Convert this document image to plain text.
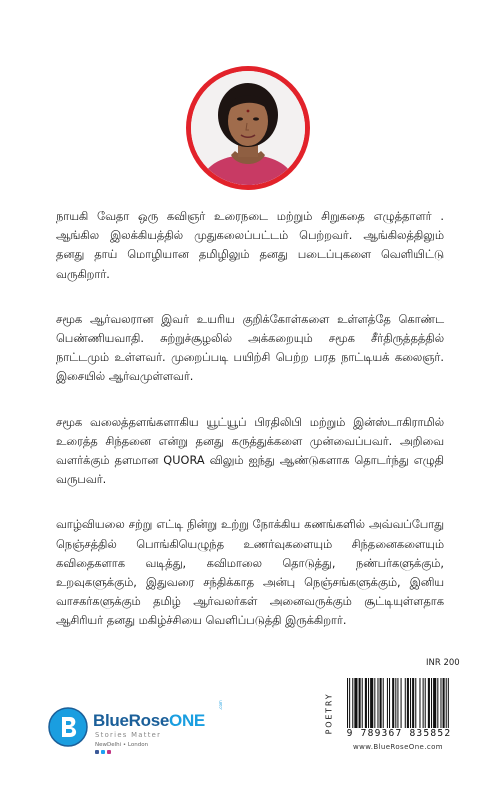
நாயகி வேதா ஒரு கவிஞர் உரைநடை மற்றும் சிறுகதை எழுத்தாளர் . ஆங்கில இலக்கியத்தில் முதுகலைப்பட்டம் பெற்றவர். ஆங்கிலத்திலும் தனது தாய் மொழியான தமிழிலும் தனது படைப்புகளை வெளியிட்டு வருகிறார்.

சமூக ஆர்வலரான இவர் உயரிய குறிக்கோள்களை உள்ளத்தே கொண்ட பெண்ணியவாதி. சுற்றுச்சூழலில் அக்கறையும் சமூக சீர்திருத்தத்தில் நாட்டமும் உள்ளவர். முறைப்படி பயிற்சி பெற்ற பரத நாட்டியக் கலைஞர். இசையில் ஆர்வமுள்ளவர்.

சமூக வலைத்தளங்களாகிய யூட்யூப் பிரதிலிபி மற்றும் இன்ஸ்டாகிராமில் உரைத்த சிந்தனை என்று தனது கருத்துக்களை முன்வைப்பவர். அறிவை வளர்க்கும் தளமான QUORA விலும் ஐந்து ஆண்டுகளாக தொடர்ந்து எழுதி வருபவர்.

வாழ்வியலை சற்று எட்டி நின்று உற்று நோக்கிய கணங்களில் அவ்வப்போது நெஞ்சத்தில் பொங்கியெழுந்த உணர்வுகளையும் சிந்தனைகளையும் கவிதைகளாக வடித்து, கவிமாலை தொடுத்து, நண்பர்களுக்கும், உறவுகளுக்கும், இதுவரை சந்திக்காத அன்பு நெஞ்சங்களுக்கும், இனிய வாசகர்களுக்கும் தமிழ் ஆர்வலர்கள் அனைவருக்கும் சூட்டியுள்ளதாக ஆசிரியர் தனது மகிழ்ச்சியை வெளிப்படுத்தி இருக்கிறார்.

INR 200
POETRY	9 789367 835852
www.BlueRoseOne.com
BlueRoseONE
.com
Stories Matter
NewDelhi • London
